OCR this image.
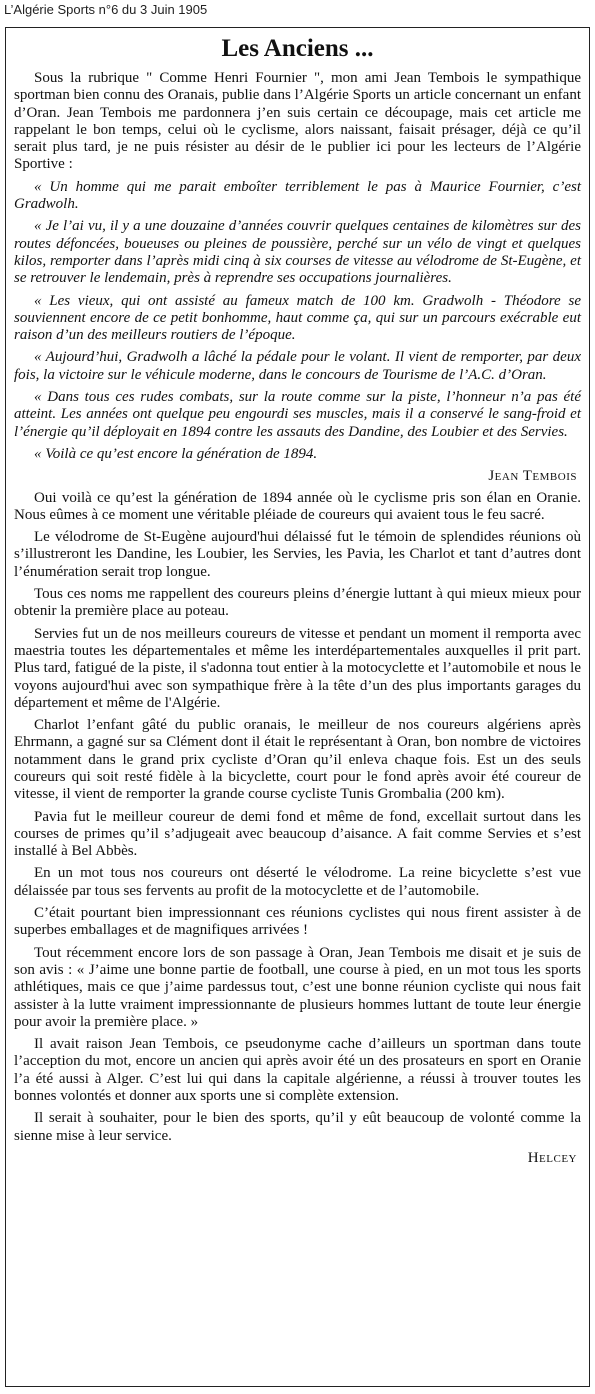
L’Algérie Sports n°6 du 3 Juin 1905
Les Anciens ...

Sous la rubrique " Comme Henri Fournier ", mon ami Jean Tembois le sympathique sportman bien connu des Oranais, publie dans l’Algérie Sports un article concernant un enfant d’Oran. Jean Tembois me pardonnera j’en suis certain ce découpage, mais cet article me rappelant le bon temps, celui où le cyclisme, alors naissant, faisait présager, déjà ce qu’il serait plus tard, je ne puis résister au désir de le publier ici pour les lecteurs de l’Algérie Sportive :

« Un homme qui me parait emboîter terriblement le pas à Maurice Fournier, c’est Gradwolh.

« Je l’ai vu, il y a une douzaine d’années couvrir quelques centaines de kilomètres sur des routes défoncées, boueuses ou pleines de poussière, perché sur un vélo de vingt et quelques kilos, remporter dans l’après midi cinq à six courses de vitesse au vélodrome de St-Eugène, et se retrouver le lendemain, près à reprendre ses occupations journalières.

« Les vieux, qui ont assisté au fameux match de 100 km. Gradwolh - Théodore se souviennent encore de ce petit bonhomme, haut comme ça, qui sur un parcours exécrable eut raison d’un des meilleurs routiers de l’époque.

« Aujourd’hui, Gradwolh a lâché la pédale pour le volant. Il vient de remporter, par deux fois, la victoire sur le véhicule moderne, dans le concours de Tourisme de l’A.C. d’Oran.

« Dans tous ces rudes combats, sur la route comme sur la piste, l’honneur n’a pas été atteint. Les années ont quelque peu engourdi ses muscles, mais il a conservé le sang-froid et l’énergie qu’il déployait en 1894 contre les assauts des Dandine, des Loubier et des Servies.

« Voilà ce qu’est encore la génération de 1894.

Jean Tembois

Oui voilà ce qu’est la génération de 1894 année où le cyclisme pris son élan en Oranie. Nous eûmes à ce moment une véritable pléiade de coureurs qui avaient tous le feu sacré.

Le vélodrome de St-Eugène aujourd'hui délaissé fut le témoin de splendides réunions où s’illustreront les Dandine, les Loubier, les Servies, les Pavia, les Charlot et tant d’autres dont l’énumération serait trop longue.

Tous ces noms me rappellent des coureurs pleins d’énergie luttant à qui mieux mieux pour obtenir la première place au poteau.

Servies fut un de nos meilleurs coureurs de vitesse et pendant un moment il remporta avec maestria toutes les départementales et même les interdépartementales auxquelles il prit part. Plus tard, fatigué de la piste, il s'adonna tout entier à la motocyclette et l’automobile et nous le voyons aujourd'hui avec son sympathique frère à la tête d’un des plus importants garages du département et même de l'Algérie.

Charlot l’enfant gâté du public oranais, le meilleur de nos coureurs algériens après Ehrmann, a gagné sur sa Clément dont il était le représentant à Oran, bon nombre de victoires notamment dans le grand prix cycliste d’Oran qu’il enleva chaque fois. Est un des seuls coureurs qui soit resté fidèle à la bicyclette, court pour le fond après avoir été coureur de vitesse, il vient de remporter la grande course cycliste Tunis Grombalia (200 km).

Pavia fut le meilleur coureur de demi fond et même de fond, excellait surtout dans les courses de primes qu’il s’adjugeait avec beaucoup d’aisance. A fait comme Servies et s’est installé à Bel Abbès.

En un mot tous nos coureurs ont déserté le vélodrome. La reine bicyclette s’est vue délaissée par tous ses fervents au profit de la motocyclette et de l’automobile.

C’était pourtant bien impressionnant ces réunions cyclistes qui nous firent assister à de superbes emballages et de magnifiques arrivées !

Tout récemment encore lors de son passage à Oran, Jean Tembois me disait et je suis de son avis : « J’aime une bonne partie de football, une course à pied, en un mot tous les sports athlétiques, mais ce que j’aime pardessus tout, c’est une bonne réunion cycliste qui nous fait assister à la lutte vraiment impressionnante de plusieurs hommes luttant de toute leur énergie pour avoir la première place. »

Il avait raison Jean Tembois, ce pseudonyme cache d’ailleurs un sportman dans toute l’acception du mot, encore un ancien qui après avoir été un des prosateurs en sport en Oranie l’a été aussi à Alger. C’est lui qui dans la capitale algérienne, a réussi à trouver toutes les bonnes volontés et donner aux sports une si complète extension.

Il serait à souhaiter, pour le bien des sports, qu’il y eût beaucoup de volonté comme la sienne mise à leur service.

Helcey
